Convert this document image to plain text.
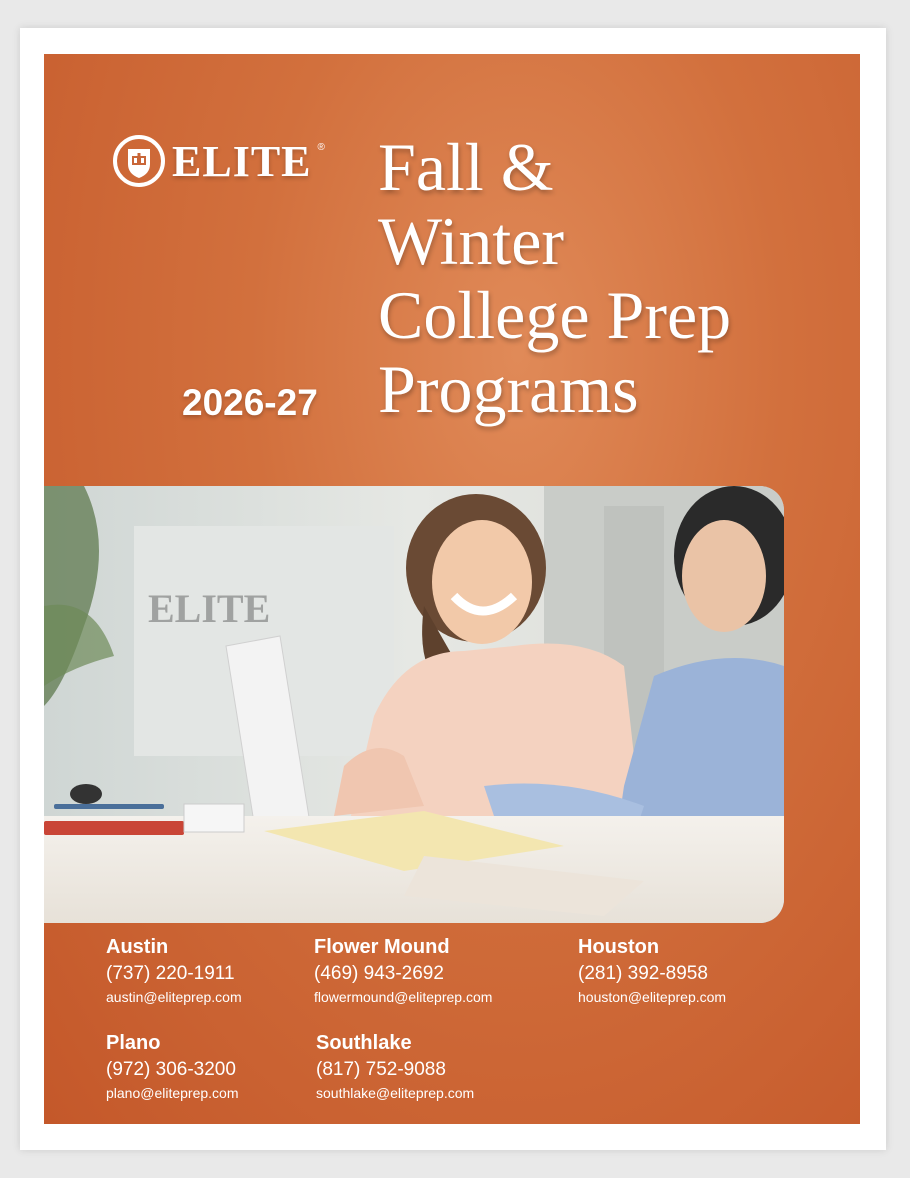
ELITE ® Fall &
Winter
College Prep
Programs
2026-27
ELITE
Austin
(737) 220-1911
austin@eliteprep.com
Flower Mound
(469) 943-2692
flowermound@eliteprep.com
Houston
(281) 392-8958
houston@eliteprep.com
Plano
(972) 306-3200
plano@eliteprep.com
Southlake
(817) 752-9088
southlake@eliteprep.com
